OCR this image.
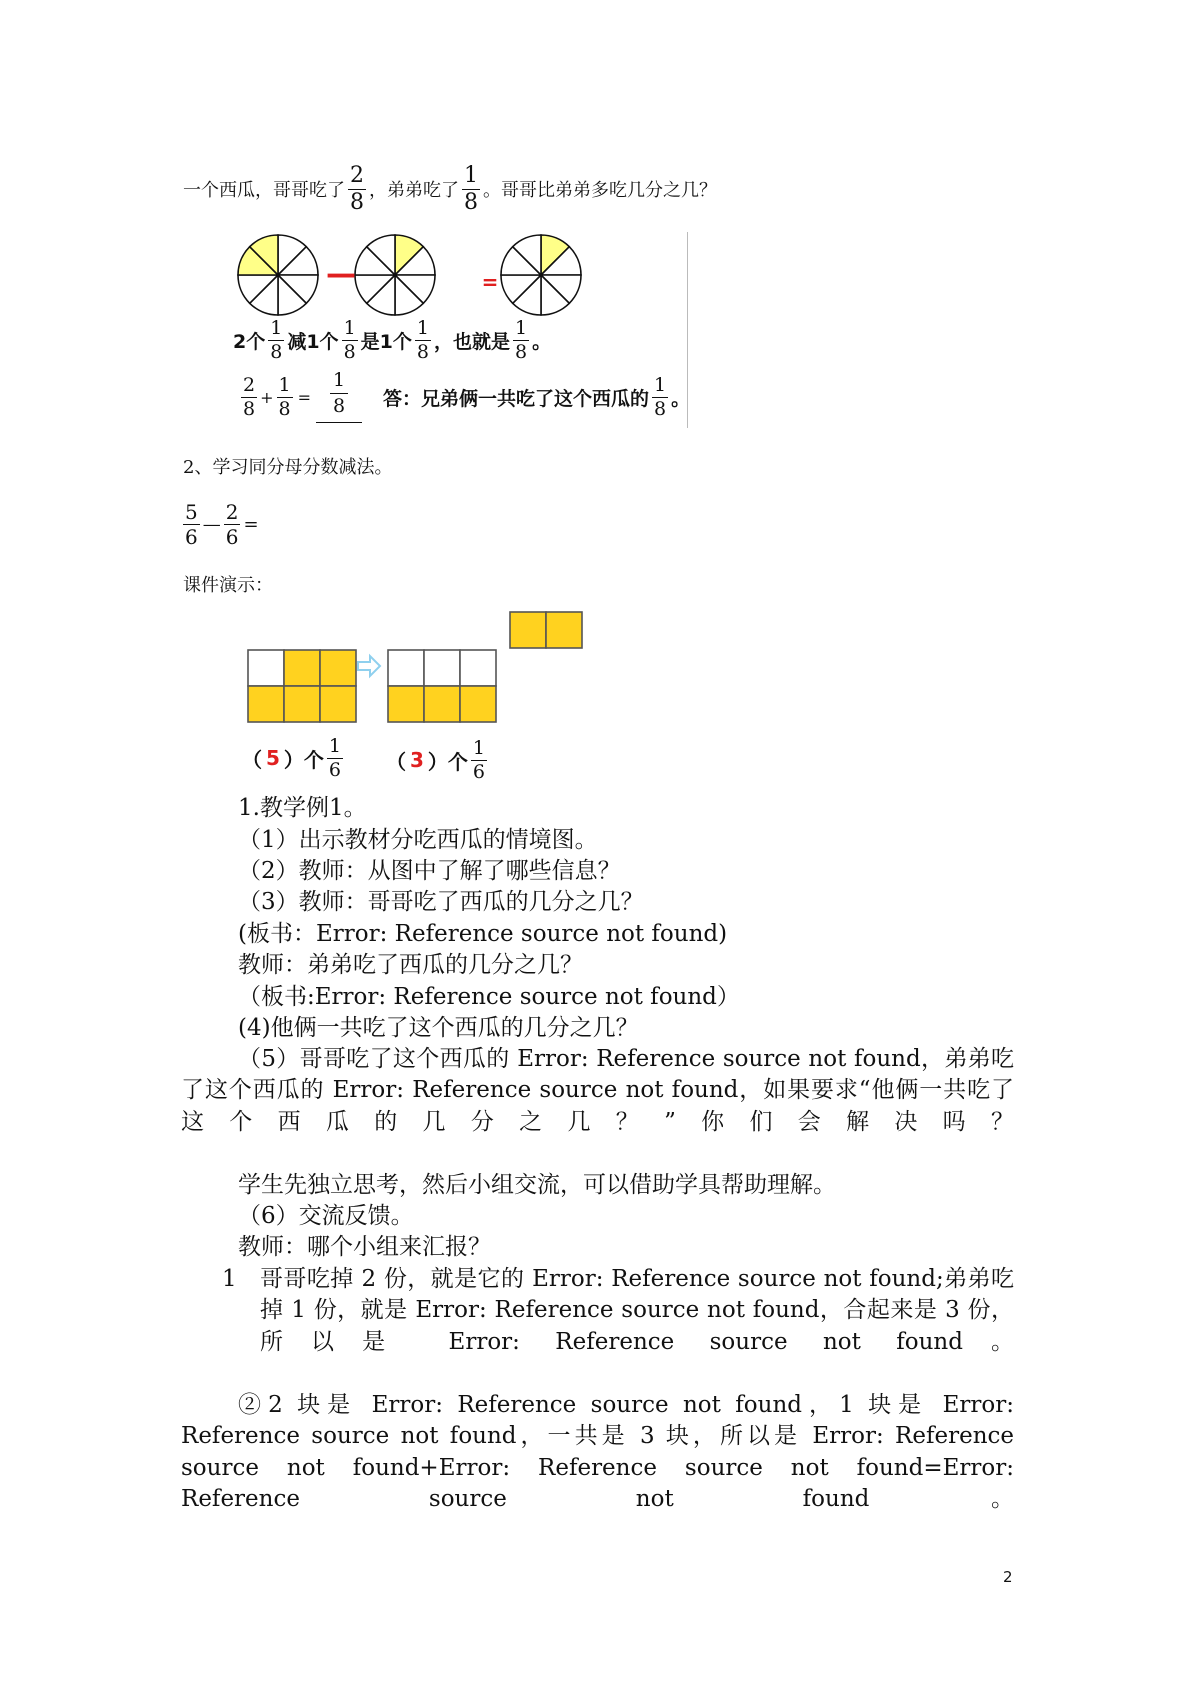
一个西瓜，哥哥吃了 $\frac{2}{8}$ ，弟弟吃了 $\frac{1}{8}$ 。哥哥比弟弟多吃几分之几？
—	=
2个 $\frac{1}{8}$ 减1个 $\frac{1}{8}$ 是1个 $\frac{1}{8}$ ，也就是 $\frac{1}{8}$ 。
$\frac{2}{8} + \frac{1}{8}$ =
1
8 答：兄弟俩一共吃了这个西瓜的 $\frac{1}{8}$ 。
2、学习同分母分数减法。
$\frac{5}{6}$ — $\frac{2}{6}$ =
课件演示：
（ 5 ）个 $\frac{1}{6}$ （ 3 ）个 $\frac{1}{6}$
1.教学例1。
（1）出示教材分吃西瓜的情境图。
（2）教师：从图中了解了哪些信息？
（3）教师：哥哥吃了西瓜的几分之几？
(板书：Error: Reference source not found)
教师：弟弟吃了西瓜的几分之几？
（板书:Error: Reference source not found）
(4)他俩一共吃了这个西瓜的几分之几？
（5）哥哥吃了这个西瓜的 Error: Reference source not found，弟弟吃了这个西瓜的 Error: Reference source not found，如果要求“他俩一共吃了这个西瓜的几分之几？”你们会解决吗？
学生先独立思考，然后小组交流，可以借助学具帮助理解。
（6）交流反馈。
教师：哪个小组来汇报？
1 哥哥吃掉 2 份，就是它的 Error: Reference source not found;弟弟吃掉 1 份，就是 Error: Reference source not found，合起来是 3 份，所以是 Error: Reference source not found。
②2 块是 Error: Reference source not found，1 块是 Error: Reference source not found，一共是 3 块，所以是 Error: Reference source not found+Error: Reference source not found=Error: Reference source not found。
2
